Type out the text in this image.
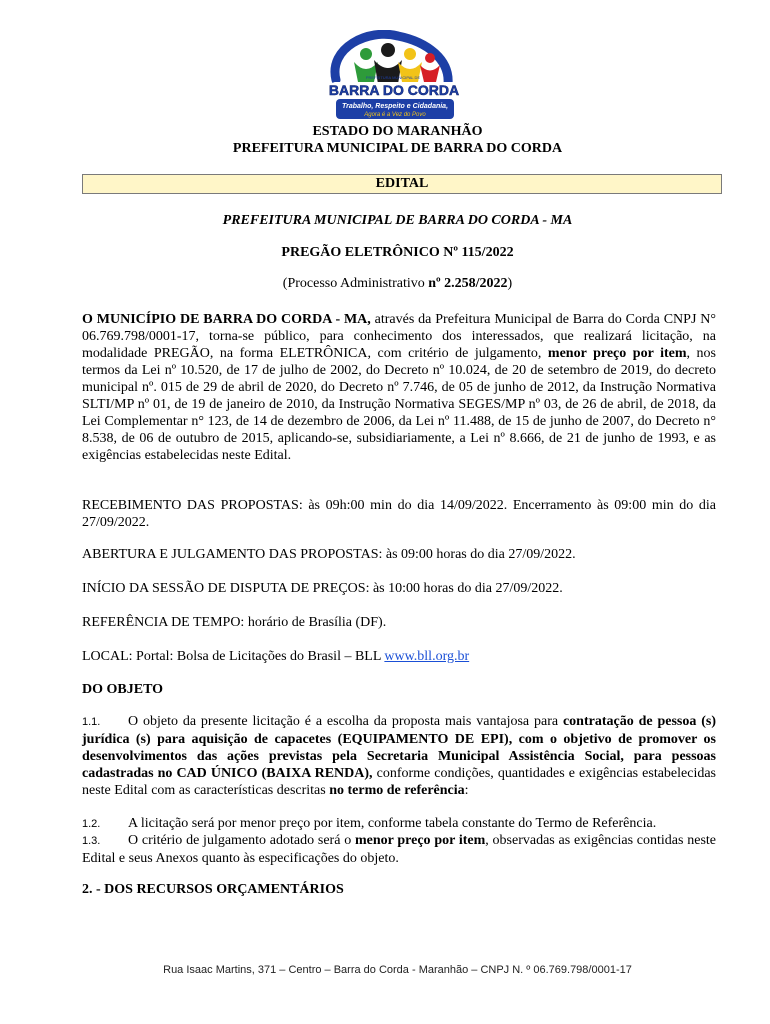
PREFEITURA MUNICIPAL DE
BARRA DO CORDA
Trabalho, Respeito e Cidadania,
Agora é a Vez do Povo
ESTADO DO MARANHÃO
PREFEITURA MUNICIPAL DE BARRA DO CORDA
EDITAL
PREFEITURA MUNICIPAL DE BARRA DO CORDA - MA
PREGÃO ELETRÔNICO Nº 115/2022
(Processo Administrativo nº 2.258/2022)

O MUNICÍPIO DE BARRA DO CORDA - MA, através da Prefeitura Municipal de Barra do Corda CNPJ N° 06.769.798/0001-17, torna-se público, para conhecimento dos interessados, que realizará licitação, na modalidade PREGÃO, na forma ELETRÔNICA, com critério de julgamento, menor preço por item, nos termos da Lei nº 10.520, de 17 de julho de 2002, do Decreto nº 10.024, de 20 de setembro de 2019, do decreto municipal nº. 015 de 29 de abril de 2020, do Decreto nº 7.746, de 05 de junho de 2012, da Instrução Normativa SLTI/MP nº 01, de 19 de janeiro de 2010, da Instrução Normativa SEGES/MP nº 03, de 26 de abril, de 2018, da Lei Complementar n° 123, de 14 de dezembro de 2006, da Lei nº 11.488, de 15 de junho de 2007, do Decreto n° 8.538, de 06 de outubro de 2015, aplicando-se, subsidiariamente, a Lei nº 8.666, de 21 de junho de 1993, e as exigências estabelecidas neste Edital.

RECEBIMENTO DAS PROPOSTAS: às 09h:00 min do dia 14/09/2022. Encerramento às 09:00 min do dia 27/09/2022.

ABERTURA E JULGAMENTO DAS PROPOSTAS: às 09:00 horas do dia 27/09/2022.

INÍCIO DA SESSÃO DE DISPUTA DE PREÇOS: às 10:00 horas do dia 27/09/2022.

REFERÊNCIA DE TEMPO: horário de Brasília (DF).

LOCAL: Portal: Bolsa de Licitações do Brasil – BLL www.bll.org.br

DO OBJETO
1.1. O objeto da presente licitação é a escolha da proposta mais vantajosa para contratação de pessoa (s) jurídica (s) para aquisição de capacetes (EQUIPAMENTO DE EPI), com o objetivo de promover os desenvolvimentos das ações previstas pela Secretaria Municipal Assistência Social, para pessoas cadastradas no CAD ÚNICO (BAIXA RENDA), conforme condições, quantidades e exigências estabelecidas neste Edital com as características descritas no termo de referência:
1.2. A licitação será por menor preço por item, conforme tabela constante do Termo de Referência.
1.3. O critério de julgamento adotado será o menor preço por item, observadas as exigências contidas neste Edital e seus Anexos quanto às especificações do objeto.
2. - DOS RECURSOS ORÇAMENTÁRIOS
Rua Isaac Martins, 371 – Centro – Barra do Corda - Maranhão – CNPJ N. º 06.769.798/0001-17
